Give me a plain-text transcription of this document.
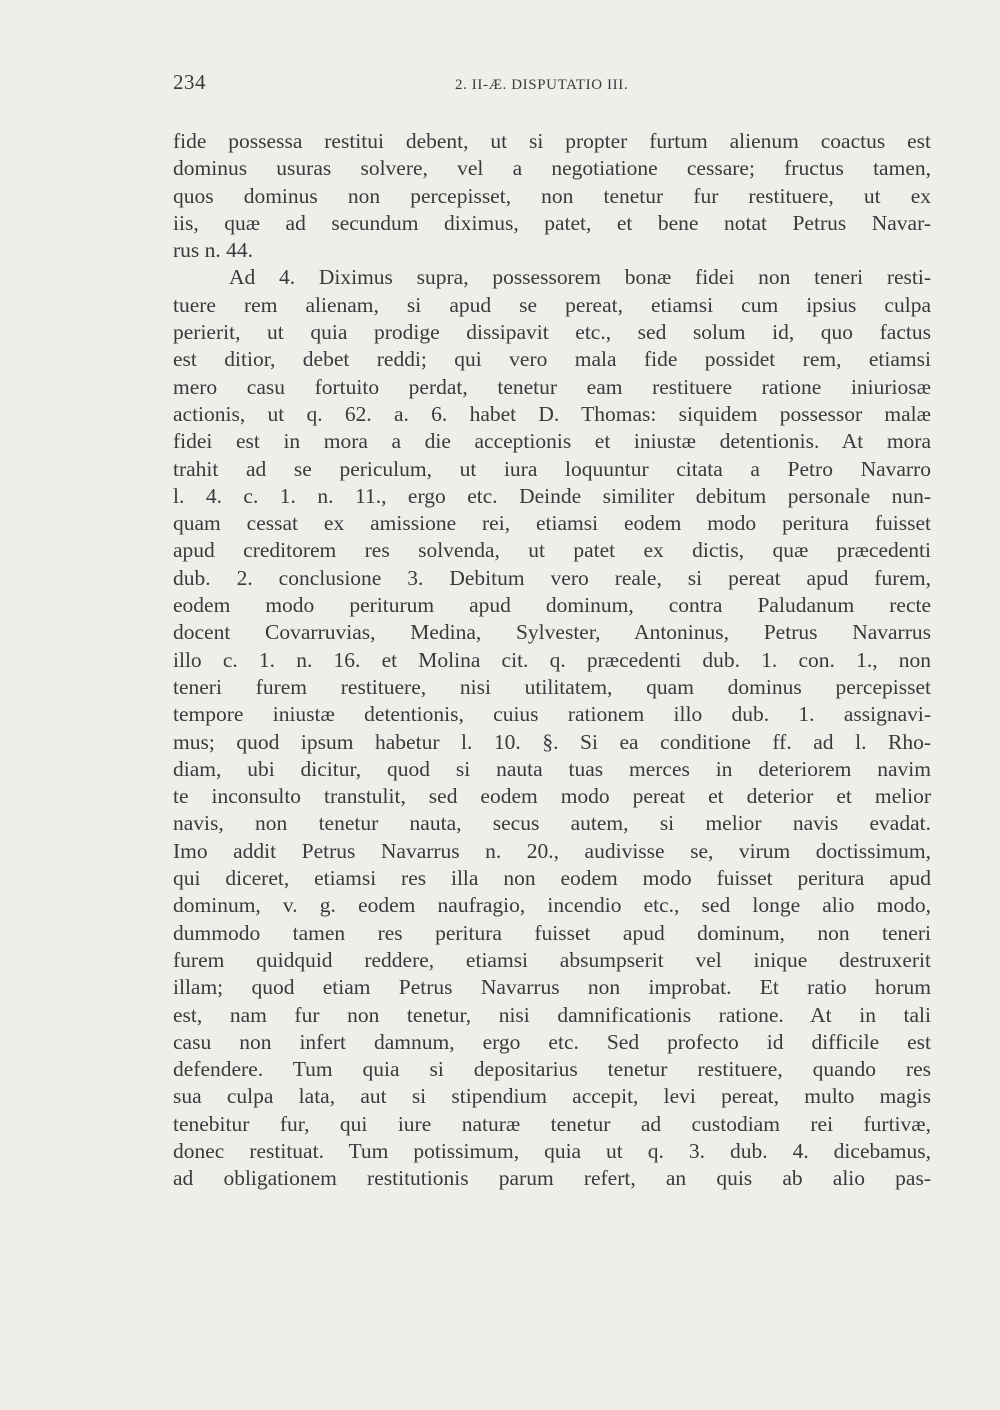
234	2. II-Æ. DISPUTATIO III.
fide possessa restitui debent, ut si propter furtum alienum coactus est
dominus usuras solvere, vel a negotiatione cessare; fructus tamen,
quos dominus non percepisset, non tenetur fur restituere, ut ex
iis, quæ ad secundum diximus, patet, et bene notat Petrus Navar-
rus n. 44.
Ad 4. Diximus supra, possessorem bonæ fidei non teneri resti-
tuere rem alienam, si apud se pereat, etiamsi cum ipsius culpa
perierit, ut quia prodige dissipavit etc., sed solum id, quo factus
est ditior, debet reddi; qui vero mala fide possidet rem, etiamsi
mero casu fortuito perdat, tenetur eam restituere ratione iniuriosæ
actionis, ut q. 62. a. 6. habet D. Thomas: siquidem possessor malæ
fidei est in mora a die acceptionis et iniustæ detentionis. At mora
trahit ad se periculum, ut iura loquuntur citata a Petro Navarro
l. 4. c. 1. n. 11., ergo etc. Deinde similiter debitum personale nun-
quam cessat ex amissione rei, etiamsi eodem modo peritura fuisset
apud creditorem res solvenda, ut patet ex dictis, quæ præcedenti
dub. 2. conclusione 3. Debitum vero reale, si pereat apud furem,
eodem modo periturum apud dominum, contra Paludanum recte
docent Covarruvias, Medina, Sylvester, Antoninus, Petrus Navarrus
illo c. 1. n. 16. et Molina cit. q. præcedenti dub. 1. con. 1., non
teneri furem restituere, nisi utilitatem, quam dominus percepisset
tempore iniustæ detentionis, cuius rationem illo dub. 1. assignavi-
mus; quod ipsum habetur l. 10. §. Si ea conditione ff. ad l. Rho-
diam, ubi dicitur, quod si nauta tuas merces in deteriorem navim
te inconsulto transtulit, sed eodem modo pereat et deterior et melior
navis, non tenetur nauta, secus autem, si melior navis evadat.
Imo addit Petrus Navarrus n. 20., audivisse se, virum doctissimum,
qui diceret, etiamsi res illa non eodem modo fuisset peritura apud
dominum, v. g. eodem naufragio, incendio etc., sed longe alio modo,
dummodo tamen res peritura fuisset apud dominum, non teneri
furem quidquid reddere, etiamsi absumpserit vel inique destruxerit
illam; quod etiam Petrus Navarrus non improbat. Et ratio horum
est, nam fur non tenetur, nisi damnificationis ratione. At in tali
casu non infert damnum, ergo etc. Sed profecto id difficile est
defendere. Tum quia si depositarius tenetur restituere, quando res
sua culpa lata, aut si stipendium accepit, levi pereat, multo magis
tenebitur fur, qui iure naturæ tenetur ad custodiam rei furtivæ,
donec restituat. Tum potissimum, quia ut q. 3. dub. 4. dicebamus,
ad obligationem restitutionis parum refert, an quis ab alio pas-
